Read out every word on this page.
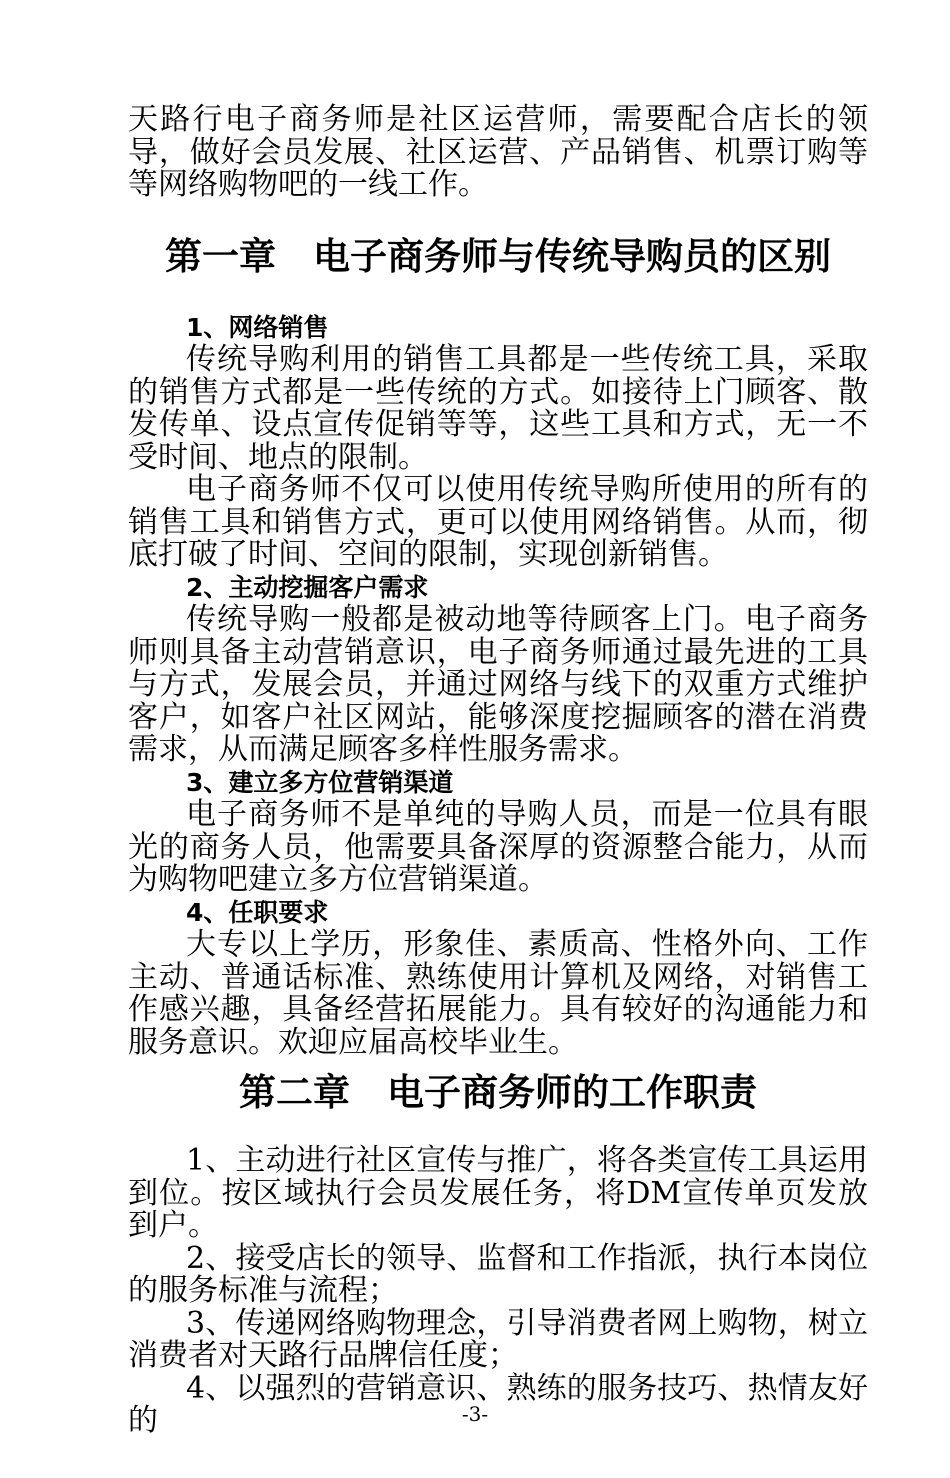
天路行电子商务师是社区运营师，需要配合店长的领导，做好会员发展、社区运营、产品销售、机票订购等等网络购物吧的一线工作。

第一章　电子商务师与传统导购员的区别
1、网络销售

传统导购利用的销售工具都是一些传统工具，采取的销售方式都是一些传统的方式。如接待上门顾客、散发传单、设点宣传促销等等，这些工具和方式，无一不受时间、地点的限制。

电子商务师不仅可以使用传统导购所使用的所有的销售工具和销售方式，更可以使用网络销售。从而，彻底打破了时间、空间的限制，实现创新销售。

2、主动挖掘客户需求

传统导购一般都是被动地等待顾客上门。电子商务师则具备主动营销意识，电子商务师通过最先进的工具与方式，发展会员，并通过网络与线下的双重方式维护客户，如客户社区网站，能够深度挖掘顾客的潜在消费需求，从而满足顾客多样性服务需求。

3、建立多方位营销渠道

电子商务师不是单纯的导购人员，而是一位具有眼光的商务人员，他需要具备深厚的资源整合能力，从而为购物吧建立多方位营销渠道。

4、任职要求

大专以上学历，形象佳、素质高、性格外向、工作主动、普通话标准、熟练使用计算机及网络，对销售工作感兴趣，具备经营拓展能力。具有较好的沟通能力和服务意识。欢迎应届高校毕业生。

第二章　电子商务师的工作职责

1、主动进行社区宣传与推广，将各类宣传工具运用到位。按区域执行会员发展任务，将DM宣传单页发放到户。

2、接受店长的领导、监督和工作指派，执行本岗位的服务标准与流程；

3、传递网络购物理念，引导消费者网上购物，树立消费者对天路行品牌信任度；

4、以强烈的营销意识、熟练的服务技巧、热情友好的	-3-
